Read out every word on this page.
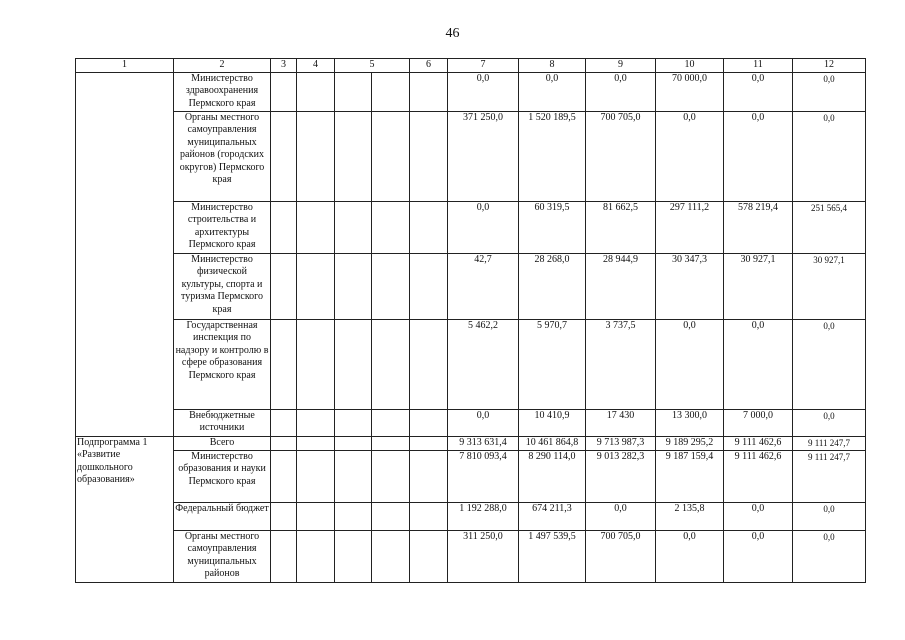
46
1	2	3	4	5		6	7	8	9	10	11	12
	Министерство здравоохранения Пермского края						0,0	0,0	0,0	70 000,0	0,0	0,0
	Органы местного самоуправления муниципальных районов (городских округов) Пермского края						371 250,0	1 520 189,5	700 705,0	0,0	0,0	0,0
	Министерство строительства и архитектуры Пермского края						0,0	60 319,5	81 662,5	297 111,2	578 219,4	251 565,4
	Министерство физической культуры, спорта и туризма Пермского края						42,7	28 268,0	28 944,9	30 347,3	30 927,1	30 927,1
	Государственная инспекция по надзору и контролю в сфере образования Пермского края						5 462,2	5 970,7	3 737,5	0,0	0,0	0,0
	Внебюджетные источники						0,0	10 410,9	17 430	13 300,0	7 000,0	0,0
Подпрограмма 1 «Развитие дошкольного образования»	Всего						9 313 631,4	10 461 864,8	9 713 987,3	9 189 295,2	9 111 462,6	9 111 247,7
	Министерство образования и науки Пермского края						7 810 093,4	8 290 114,0	9 013 282,3	9 187 159,4	9 111 462,6	9 111 247,7
	Федеральный бюджет						1 192 288,0	674 211,3	0,0	2 135,8	0,0	0,0
	Органы местного самоуправления муниципальных районов						311 250,0	1 497 539,5	700 705,0	0,0	0,0	0,0
